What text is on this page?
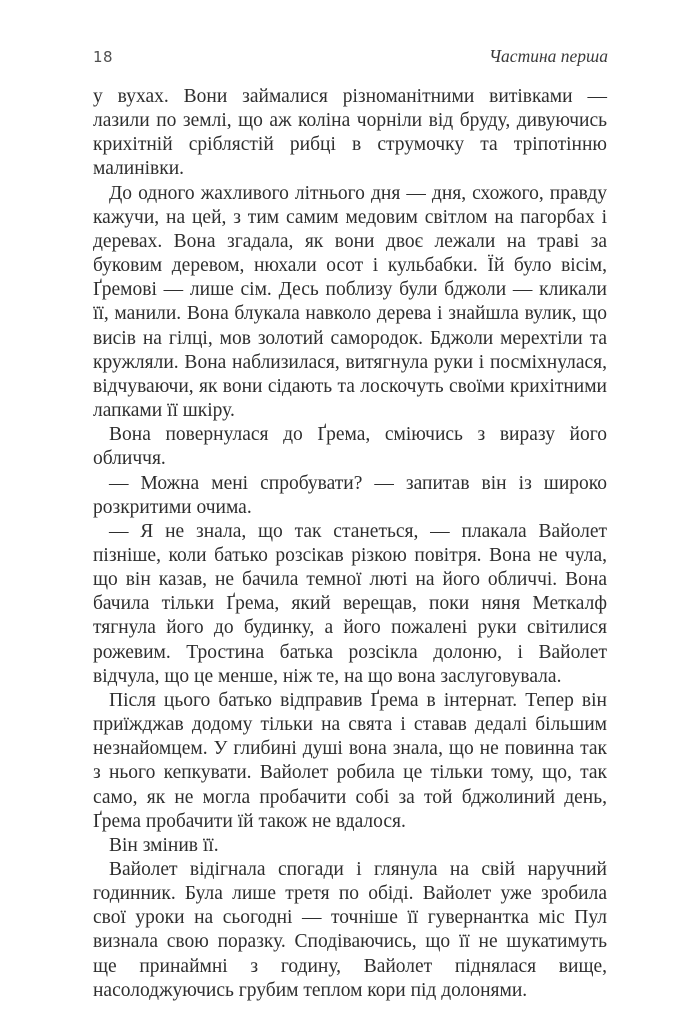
18	Частина перша

у вухах. Вони займалися різноманітними витівками — лазили по землі, що аж коліна чорніли від бруду, дивуючись крихітній сріблястій рибці в струмочку та тріпотінню малинівки.

До одного жахливого літнього дня — дня, схожого, правду кажучи, на цей, з тим самим медовим світлом на пагорбах і деревах. Вона згадала, як вони двоє лежали на траві за буковим деревом, нюхали осот і кульбабки. Їй було вісім, Ґремові — лише сім. Десь поблизу були бджоли — кликали її, манили. Вона блукала навколо дерева і знайшла вулик, що висів на гілці, мов золотий самородок. Бджоли мерехтіли та кружляли. Вона наблизилася, витягнула руки і посміхнулася, відчуваючи, як вони сідають та лоскочуть своїми крихітними лапками її шкіру.

Вона повернулася до Ґрема, сміючись з виразу його обличчя.

— Можна мені спробувати? — запитав він із широко розкритими очима.

— Я не знала, що так станеться, — плакала Вайолет пізніше, коли батько розсікав різкою повітря. Вона не чула, що він казав, не бачила темної люті на його обличчі. Вона бачила тільки Ґрема, який верещав, поки няня Меткалф тягнула його до будинку, а його пожалені руки світилися рожевим. Тростина батька розсікла долоню, і Вайолет відчула, що це менше, ніж те, на що вона заслуговувала.

Після цього батько відправив Ґрема в інтернат. Тепер він приїжджав додому тільки на свята і ставав дедалі більшим незнайомцем. У глибині душі вона знала, що не повинна так з нього кепкувати. Вайолет робила це тільки тому, що, так само, як не могла пробачити собі за той бджолиний день, Ґрема пробачити їй також не вдалося.

Він змінив її.

Вайолет відігнала спогади і глянула на свій наручний годинник. Була лише третя по обіді. Вайолет уже зробила свої уроки на сьогодні — точніше її гувернантка міс Пул визнала свою поразку. Сподіваючись, що її не шукатимуть ще принаймні з годину, Вайолет піднялася вище, насолоджуючись грубим теплом кори під долонями.
